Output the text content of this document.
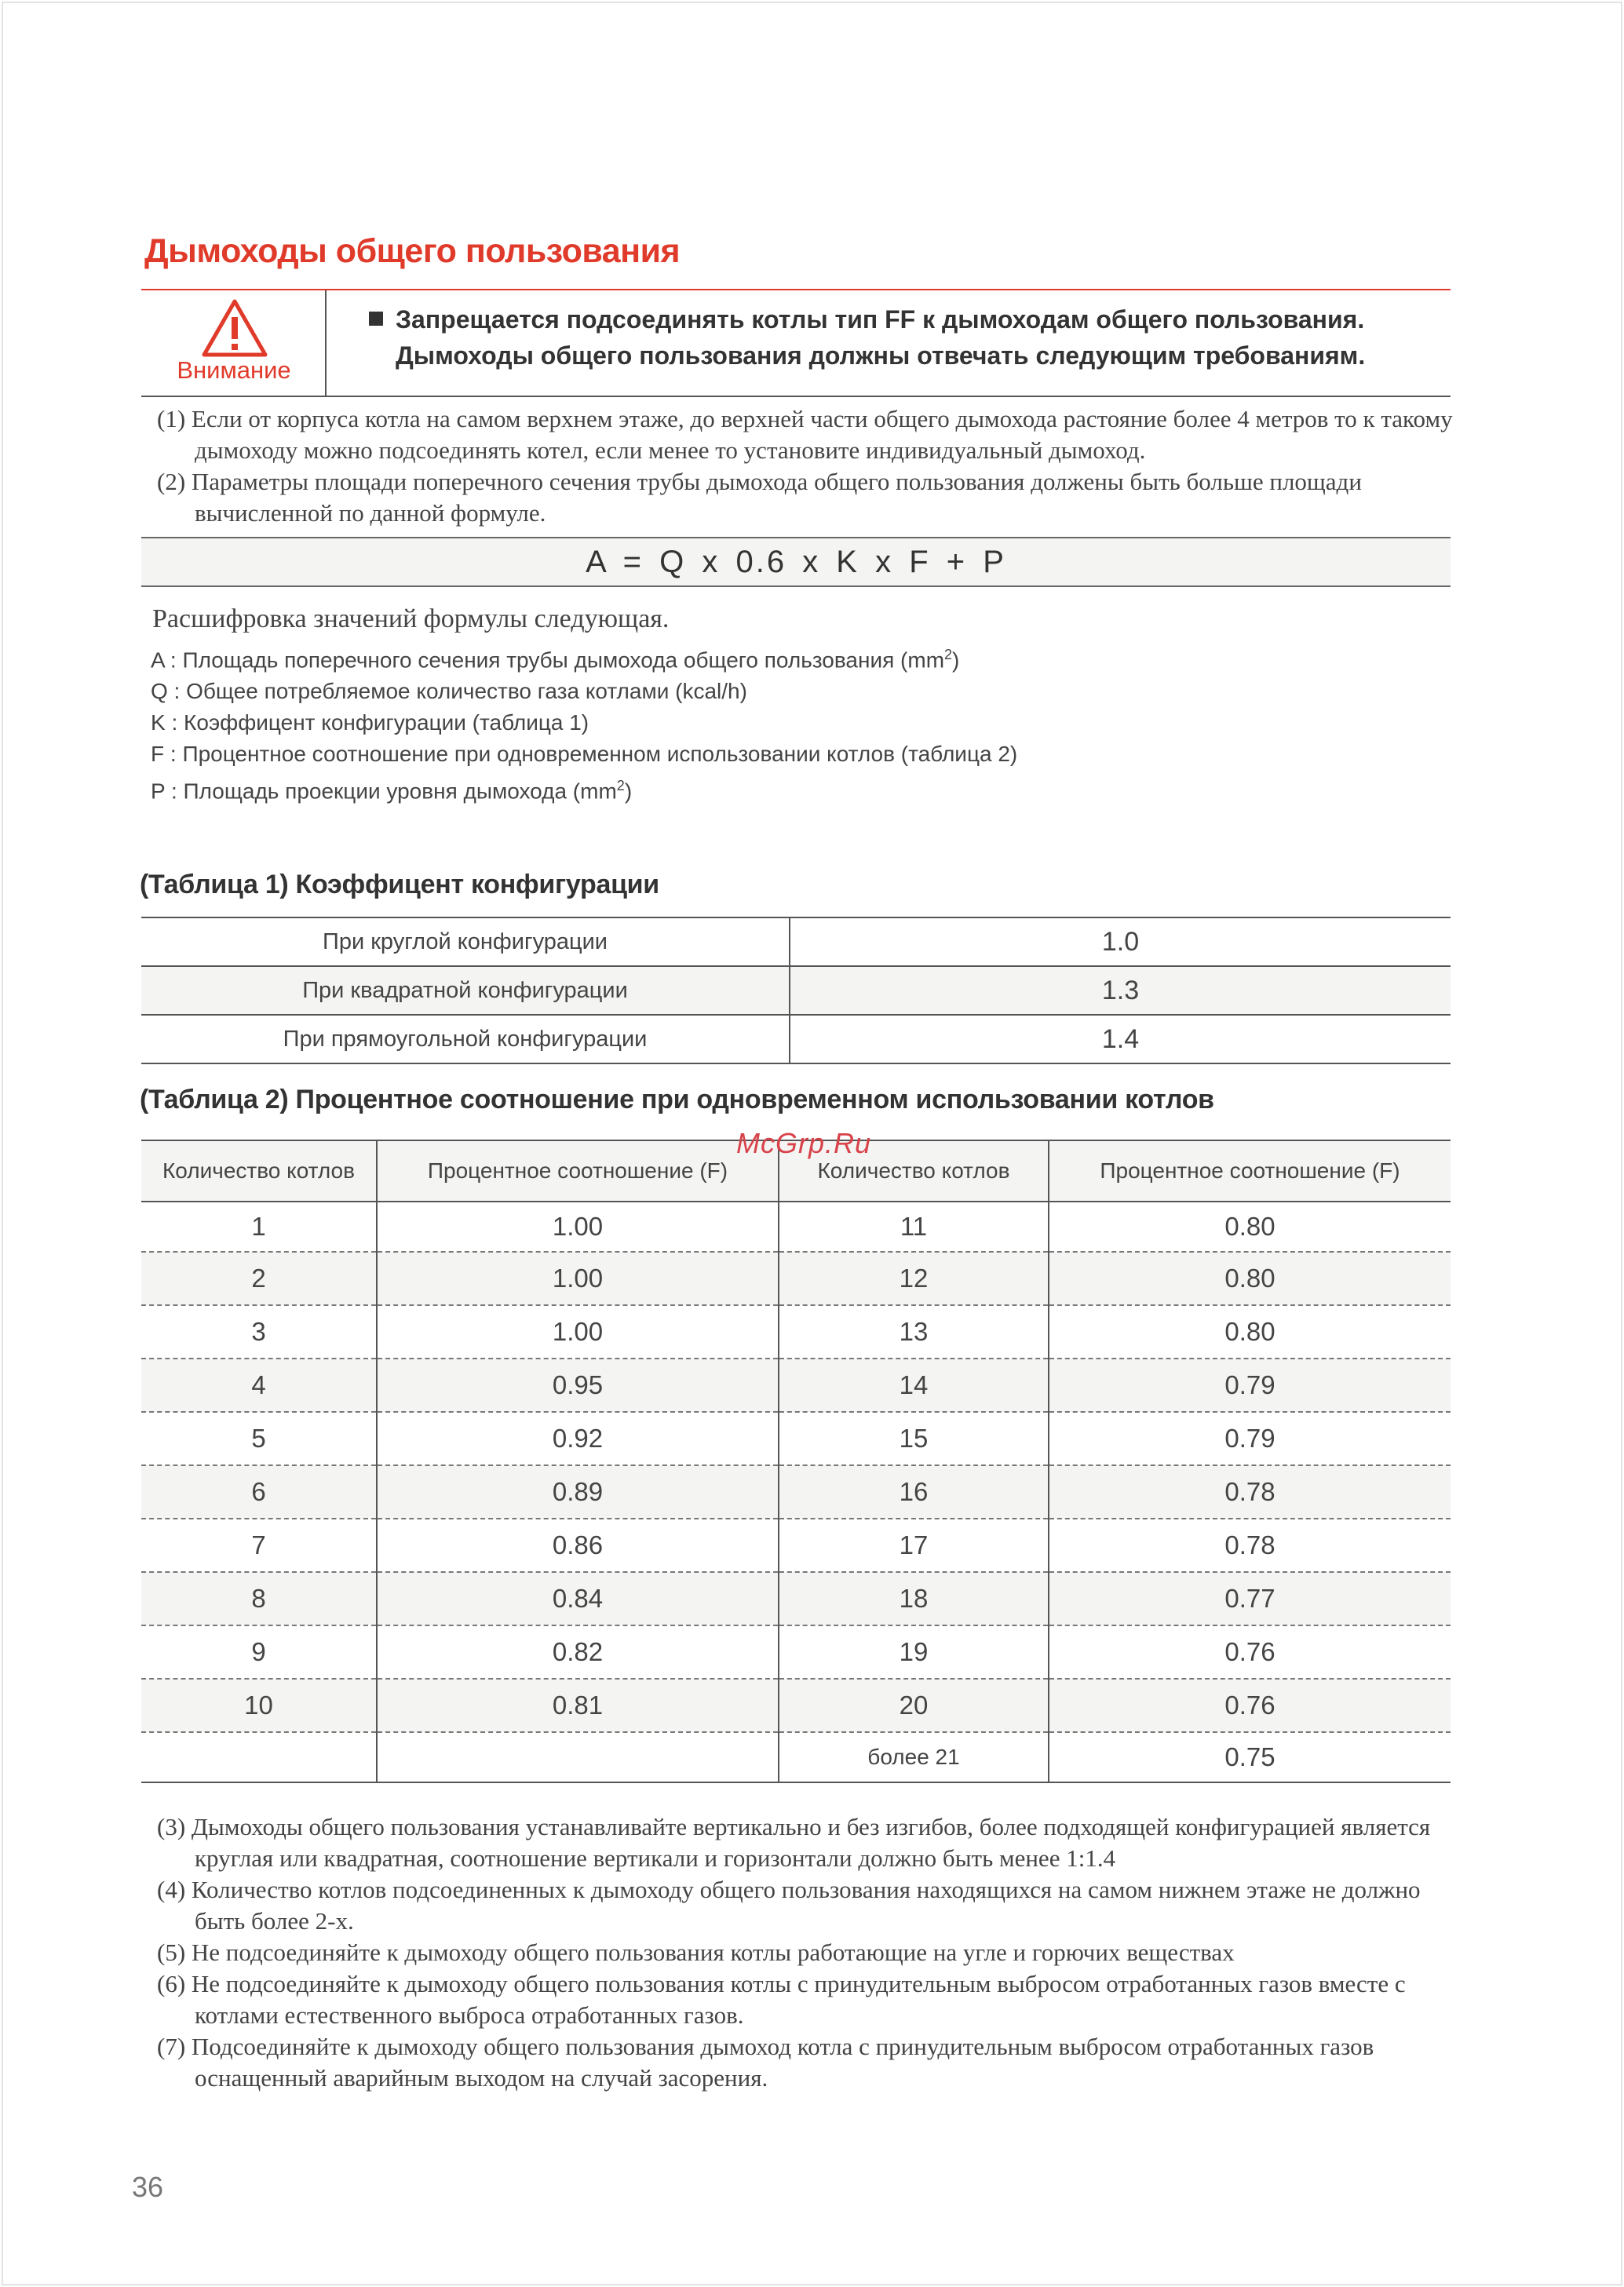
Дымоходы общего пользования
Внимание
Запрещается подсоединять котлы тип FF к дымоходам общего пользования.
Дымоходы общего пользования должны отвечать следующим требованиям.
(1) Если от корпуса котла на самом верхнем этаже, до верхней части общего дымохода растояние более 4 метров то к такому дымоходу можно подсоединять котел, если менее то установите индивидуальный дымоход.
(2) Параметры площади поперечного сечения трубы дымохода общего пользования должены быть больше площади вычисленной по данной формуле.
A = Q x 0.6 x K x F + P
Расшифровка значений формулы следующая.
A : Площадь поперечного сечения трубы дымохода общего пользования $(mm^2)$
Q : Общее потребляемое количество газа котлами (kcal/h)
K : Коэффицент конфигурации (таблица 1)
F : Процентное соотношение при одновременном использовании котлов (таблица 2)
P : Площадь проекции уровня дымохода $(mm^2)$
(Таблица 1) Коэффицент конфигурации
При круглой конфигурации	1.0
При квадратной конфигурации	1.3
При прямоугольной конфигурации	1.4
(Таблица 2) Процентное соотношение при одновременном использовании котлов
Количество котлов	Процентное соотношение (F)	Количество котлов	Процентное соотношение (F)
1	1.00	11	0.80
2	1.00	12	0.80
3	1.00	13	0.80
4	0.95	14	0.79
5	0.92	15	0.79
6	0.89	16	0.78
7	0.86	17	0.78
8	0.84	18	0.77
9	0.82	19	0.76
10	0.81	20	0.76
		более 21	0.75
(3) Дымоходы общего пользования устанавливайте вертикально и без изгибов, более подходящей конфигурацией является круглая или квадратная, соотношение вертикали и горизонтали должно быть менее 1:1.4
(4) Количество котлов подсоединенных к дымоходу общего пользования находящихся на самом нижнем этаже не должно быть более 2-х.
(5) Не подсоединяйте к дымоходу общего пользования котлы работающие на угле и горючих веществах
(6) Не подсоединяйте к дымоходу общего пользования котлы с принудительным выбросом отработанных газов вместе с котлами естественного выброса отработанных газов.
(7) Подсоединяйте к дымоходу общего пользования дымоход котла с принудительным выбросом отработанных газов оснащенный аварийным выходом на случай засорения.
36
McGrp.Ru
